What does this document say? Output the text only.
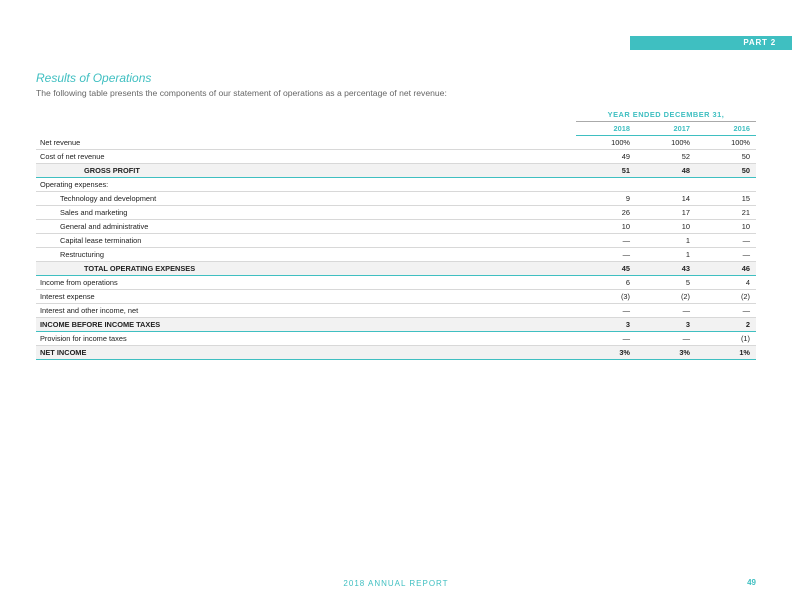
PART 2
Results of Operations

The following table presents the components of our statement of operations as a percentage of net revenue:

	YEAR ENDED DECEMBER 31,		
	2018	2017	2016
Net revenue	100%	100%	100%
Cost of net revenue	49	52	50
GROSS PROFIT	51	48	50
Operating expenses:			
Technology and development	9	14	15
Sales and marketing	26	17	21
General and administrative	10	10	10
Capital lease termination	—	1	—
Restructuring	—	1	—
TOTAL OPERATING EXPENSES	45	43	46
Income from operations	6	5	4
Interest expense	(3)	(2)	(2)
Interest and other income, net	—	—	—
INCOME BEFORE INCOME TAXES	3	3	2
Provision for income taxes	—	—	(1)
NET INCOME	3%	3%	1%
2018 ANNUAL REPORT	49
